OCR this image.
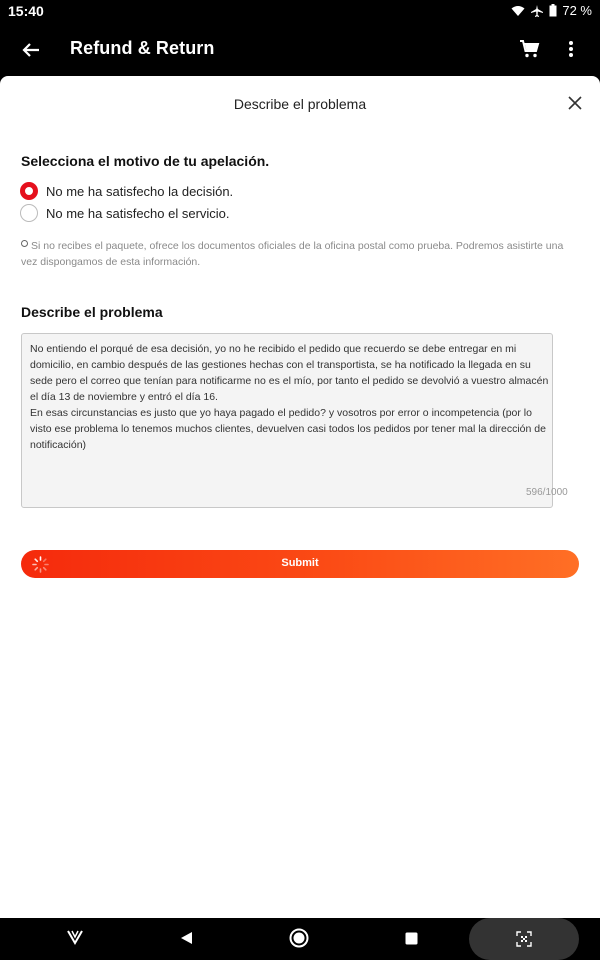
15:40	72 %
Refund & Return
Describe el problema
Selecciona el motivo de tu apelación.
No me ha satisfecho la decisión.
No me ha satisfecho el servicio.
Si no recibes el paquete, ofrece los documentos oficiales de la oficina postal como prueba. Podremos asistirte una vez dispongamos de esta información.
Describe el problema
No entiendo el porqué de esa decisión, yo no he recibido el pedido que recuerdo se debe entregar en mi domicilio, en cambio después de las gestiones hechas con el transportista, se ha notificado la llegada en su sede pero el correo que tenían para notificarme no es el mío, por tanto el pedido se devolvió a vuestro almacén el día 13 de noviembre y entró el día 16.
En esas circunstancias es justo que yo haya pagado el pedido? y vosotros por error o incompetencia (por lo visto ese problema lo tenemos muchos clientes, devuelven casi todos los pedidos por tener mal la dirección de notificación)
596/1000
Submit
